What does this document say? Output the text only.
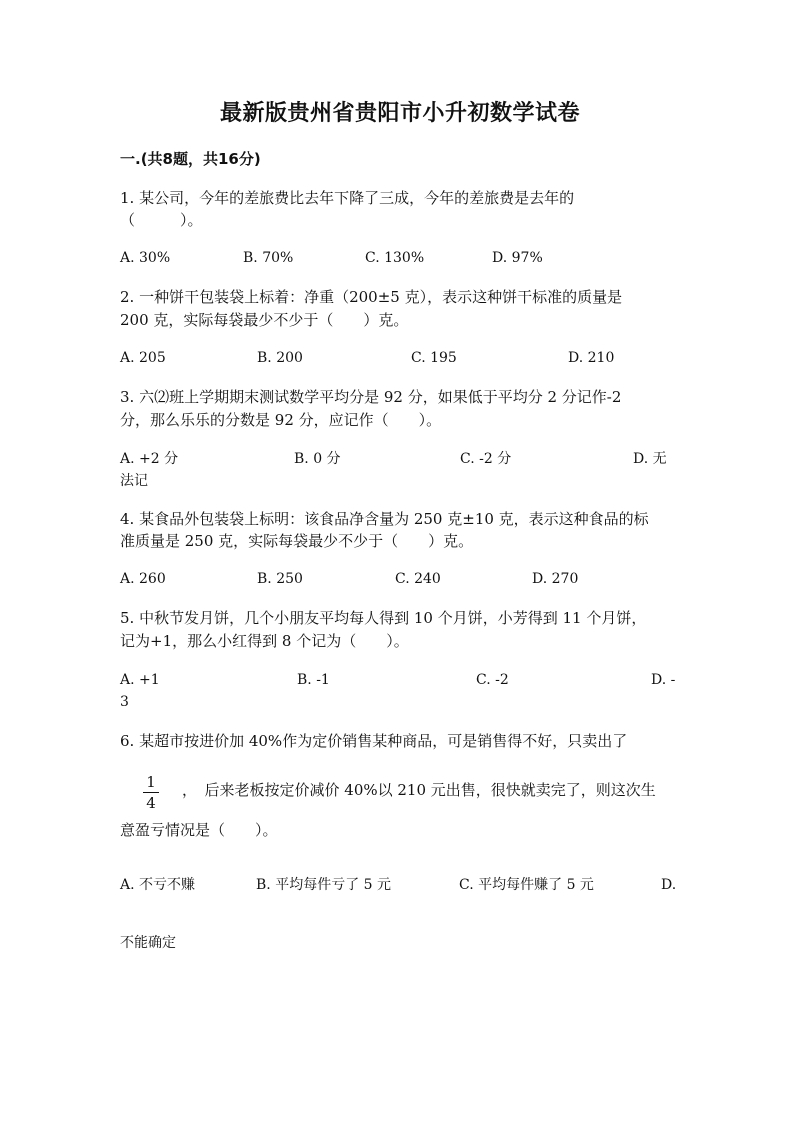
最新版贵州省贵阳市小升初数学试卷
一.(共8题，共16分)
1. 某公司，今年的差旅费比去年下降了三成，今年的差旅费是去年的
（　　　）。
A. 30%	B. 70%	C. 130%	D. 97%
2. 一种饼干包装袋上标着：净重（200±5 克），表示这种饼干标准的质量是
200 克，实际每袋最少不少于（　　）克。
A. 205	B. 200	C. 195	D. 210
3. 六⑵班上学期期末测试数学平均分是 92 分，如果低于平均分 2 分记作-2
分，那么乐乐的分数是 92 分，应记作（　　）。
A. +2 分	B. 0 分	C. -2 分	D. 无
法记
4. 某食品外包装袋上标明：该食品净含量为 250 克±10 克，表示这种食品的标
准质量是 250 克，实际每袋最少不少于（　　）克。
A. 260	B. 250	C. 240	D. 270
5. 中秋节发月饼，几个小朋友平均每人得到 10 个月饼，小芳得到 11 个月饼，
记为+1，那么小红得到 8 个记为（　　）。
A. +1	B. -1	C. -2	D. -
3
6. 某超市按进价加 40%作为定价销售某种商品，可是销售得不好，只卖出了
1
4
，　后来老板按定价减价 40%以 210 元出售，很快就卖完了，则这次生
意盈亏情况是（　　）。
A. 不亏不赚	B. 平均每件亏了 5 元	C. 平均每件赚了 5 元	D.
不能确定
